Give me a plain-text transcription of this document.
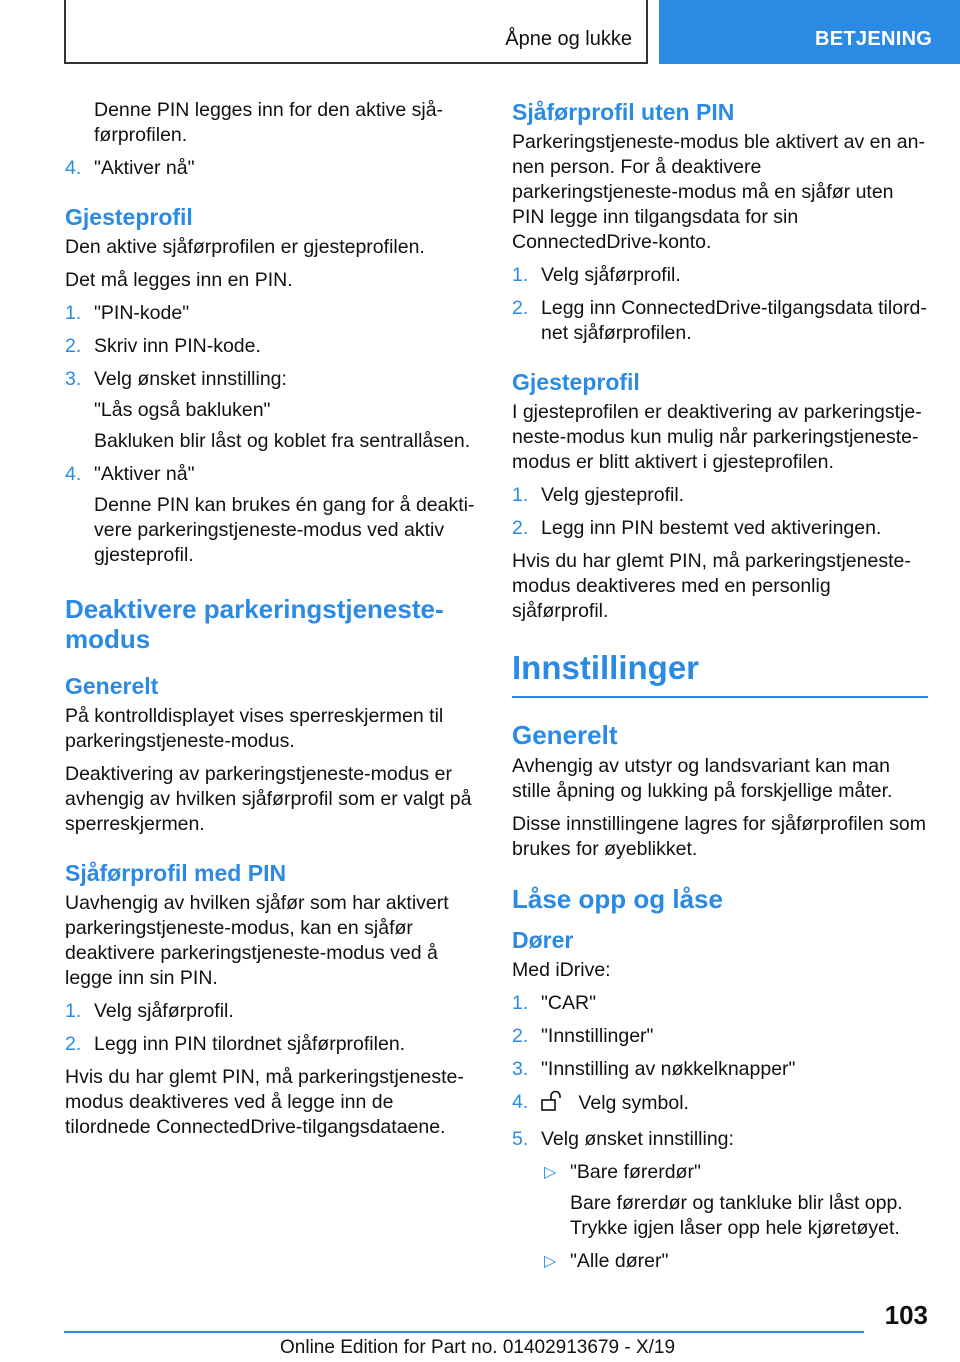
Åpne og lukke	BETJENING

Denne PIN legges inn for den aktive sjåførprofilen.

4. "Aktiver nå"
Gjesteprofil

Den aktive sjåførprofilen er gjesteprofilen.

Det må legges inn en PIN.

1. "PIN-kode"
2. Skriv inn PIN-kode.
3. Velg ønsket innstilling:
"Lås også bakluken"
Bakluken blir låst og koblet fra sentrallåsen.
4. "Aktiver nå"
Denne PIN kan brukes én gang for å deaktivere parkeringstjeneste-modus ved aktiv gjesteprofil.
Deaktivere parkeringstjeneste-modus
Generelt

På kontrolldisplayet vises sperreskjermen til parkeringstjeneste-modus.

Deaktivering av parkeringstjeneste-modus er avhengig av hvilken sjåførprofil som er valgt på sperreskjermen.

Sjåførprofil med PIN

Uavhengig av hvilken sjåfør som har aktivert parkeringstjeneste-modus, kan en sjåfør deaktivere parkeringstjeneste-modus ved å legge inn sin PIN.

1. Velg sjåførprofil.
2. Legg inn PIN tilordnet sjåførprofilen.

Hvis du har glemt PIN, må parkeringstjeneste-modus deaktiveres ved å legge inn de tilordnede ConnectedDrive-tilgangsdataene.

Sjåførprofil uten PIN

Parkeringstjeneste-modus ble aktivert av en annen person. For å deaktivere parkeringstjeneste-modus må en sjåfør uten PIN legge inn tilgangsdata for sin ConnectedDrive-konto.

1. Velg sjåførprofil.
2. Legg inn ConnectedDrive-tilgangsdata tilordnet sjåførprofilen.
Gjesteprofil

I gjesteprofilen er deaktivering av parkeringstjeneste-modus kun mulig når parkeringstjeneste-modus er blitt aktivert i gjesteprofilen.

1. Velg gjesteprofil.
2. Legg inn PIN bestemt ved aktiveringen.

Hvis du har glemt PIN, må parkeringstjeneste-modus deaktiveres med en personlig sjåførprofil.

Innstillinger
Generelt

Avhengig av utstyr og landsvariant kan man stille åpning og lukking på forskjellige måter.

Disse innstillingene lagres for sjåførprofilen som brukes for øyeblikket.

Låse opp og låse
Dører

Med iDrive:

1. "CAR"
2. "Innstillinger"
3. "Innstilling av nøkkelknapper"
4.	Velg symbol.
5. Velg ønsket innstilling:
▷ "Bare førerdør"
Bare førerdør og tankluke blir låst opp. Trykke igjen låser opp hele kjøretøyet.
▷ "Alle dører"
103
Online Edition for Part no. 01402913679 - X/19
